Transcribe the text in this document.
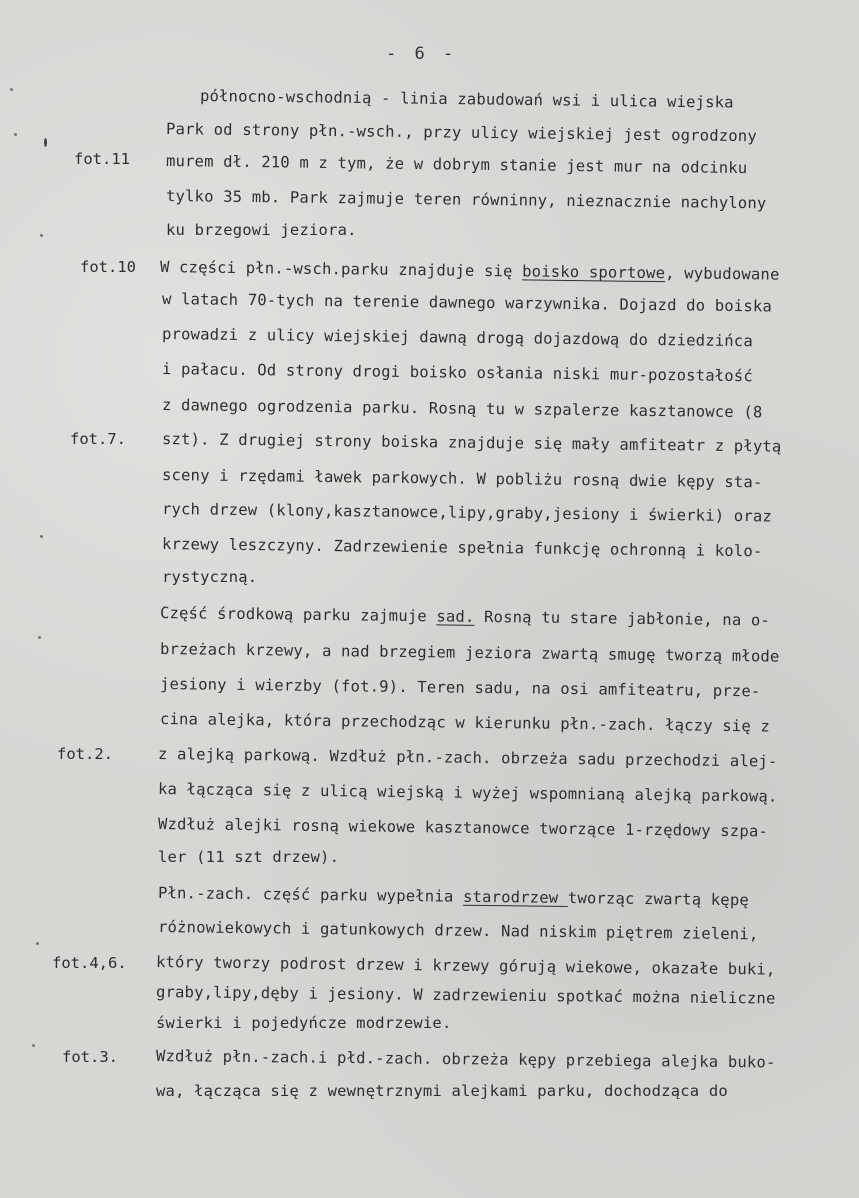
- 6 -
fot.11
fot.10
fot.7.
fot.2.
fot.4,6.
fot.3.
północno-wschodnią - linia zabudowań wsi i ulica wiejska
Park od strony płn.-wsch., przy ulicy wiejskiej jest ogrodzony
murem dł. 210 m z tym, że w dobrym stanie jest mur na odcinku
tylko 35 mb. Park zajmuje teren równinny, nieznacznie nachylony
ku brzegowi jeziora.
W części płn.-wsch.parku znajduje się boisko sportowe, wybudowane
w latach 70-tych na terenie dawnego warzywnika. Dojazd do boiska
prowadzi z ulicy wiejskiej dawną drogą dojazdową do dziedzińca
i pałacu. Od strony drogi boisko osłania niski mur-pozostałość
z dawnego ogrodzenia parku. Rosną tu w szpalerze kasztanowce (8
szt). Z drugiej strony boiska znajduje się mały amfiteatr z płytą
sceny i rzędami ławek parkowych. W pobliżu rosną dwie kępy sta-
rych drzew (klony,kasztanowce,lipy,graby,jesiony i świerki) oraz
krzewy leszczyny. Zadrzewienie spełnia funkcję ochronną i kolo-
rystyczną.
Część środkową parku zajmuje sad. Rosną tu stare jabłonie, na o-
brzeżach krzewy, a nad brzegiem jeziora zwartą smugę tworzą młode
jesiony i wierzby (fot.9). Teren sadu, na osi amfiteatru, prze-
cina alejka, która przechodząc w kierunku płn.-zach. łączy się z
z alejką parkową. Wzdłuż płn.-zach. obrzeża sadu przechodzi alej-
ka łącząca się z ulicą wiejską i wyżej wspomnianą alejką parkową.
Wzdłuż alejki rosną wiekowe kasztanowce tworzące 1-rzędowy szpa-
ler (11 szt drzew).
Płn.-zach. część parku wypełnia starodrzew tworząc zwartą kępę
różnowiekowych i gatunkowych drzew. Nad niskim piętrem zieleni,
który tworzy podrost drzew i krzewy górują wiekowe, okazałe buki,
graby,lipy,dęby i jesiony. W zadrzewieniu spotkać można nieliczne
świerki i pojedyńcze modrzewie.
Wzdłuż płn.-zach.i płd.-zach. obrzeża kępy przebiega alejka buko-
wa, łącząca się z wewnętrznymi alejkami parku, dochodząca do
